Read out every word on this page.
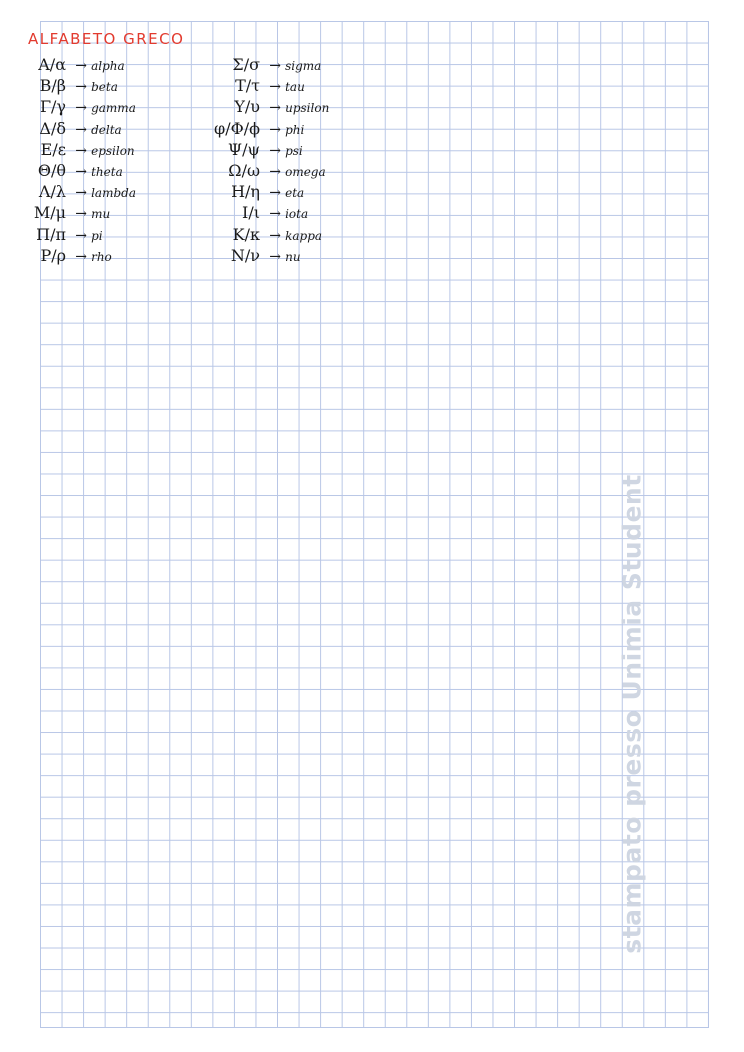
ALFABETO GRECO
Α/α → alpha
Β/β → beta
Γ/γ → gamma
Δ/δ → delta
Ε/ε → epsilon
Θ/θ → theta
Λ/λ → lambda
Μ/μ → mu
Π/π → pi
Ρ/ρ → rho
Σ/σ → sigma
Τ/τ → tau
Υ/υ → upsilon
φ/Φ/ϕ → phi
Ψ/ψ → psi
Ω/ω → omega
Η/η → eta
Ι/ι → iota
Κ/κ → kappa
Ν/ν → nu
stampato presso Unimia Student
